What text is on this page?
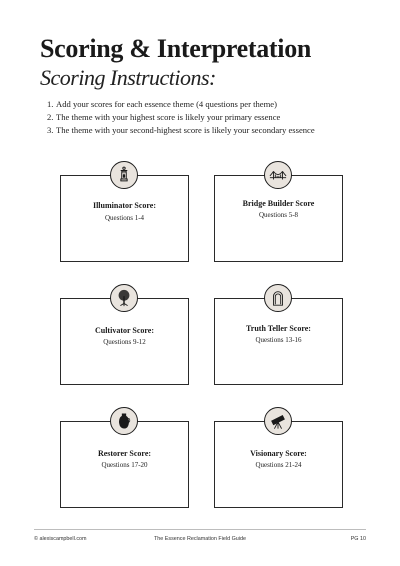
Scoring & Interpretation
Scoring Instructions:
1. Add your scores for each essence theme (4 questions per theme)
2. The theme with your highest score is likely your primary essence
3. The theme with your second-highest score is likely your secondary essence
Illuminator Score:
Questions 1-4
Bridge Builder Score
Questions 5-8
Cultivator Score:
Questions 9-12
Truth Teller Score:
Questions 13-16
Restorer Score:
Questions 17-20
Visionary Score:
Questions 21-24
© alexiscampbell.com	The Essence Reclamation Field Guide	PG 10
